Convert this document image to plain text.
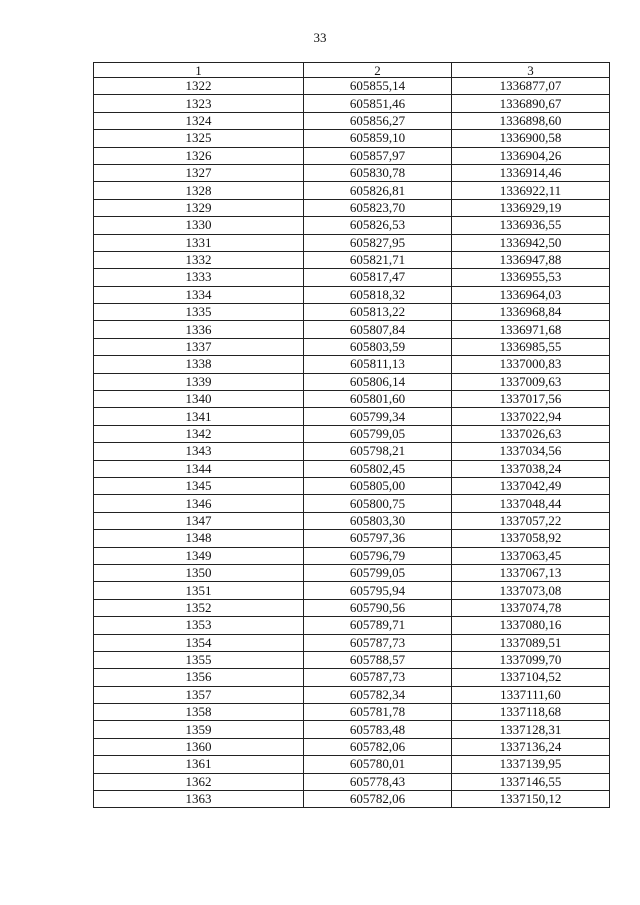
33
1	2	3
1322	605855,14	1336877,07
1323	605851,46	1336890,67
1324	605856,27	1336898,60
1325	605859,10	1336900,58
1326	605857,97	1336904,26
1327	605830,78	1336914,46
1328	605826,81	1336922,11
1329	605823,70	1336929,19
1330	605826,53	1336936,55
1331	605827,95	1336942,50
1332	605821,71	1336947,88
1333	605817,47	1336955,53
1334	605818,32	1336964,03
1335	605813,22	1336968,84
1336	605807,84	1336971,68
1337	605803,59	1336985,55
1338	605811,13	1337000,83
1339	605806,14	1337009,63
1340	605801,60	1337017,56
1341	605799,34	1337022,94
1342	605799,05	1337026,63
1343	605798,21	1337034,56
1344	605802,45	1337038,24
1345	605805,00	1337042,49
1346	605800,75	1337048,44
1347	605803,30	1337057,22
1348	605797,36	1337058,92
1349	605796,79	1337063,45
1350	605799,05	1337067,13
1351	605795,94	1337073,08
1352	605790,56	1337074,78
1353	605789,71	1337080,16
1354	605787,73	1337089,51
1355	605788,57	1337099,70
1356	605787,73	1337104,52
1357	605782,34	1337111,60
1358	605781,78	1337118,68
1359	605783,48	1337128,31
1360	605782,06	1337136,24
1361	605780,01	1337139,95
1362	605778,43	1337146,55
1363	605782,06	1337150,12
